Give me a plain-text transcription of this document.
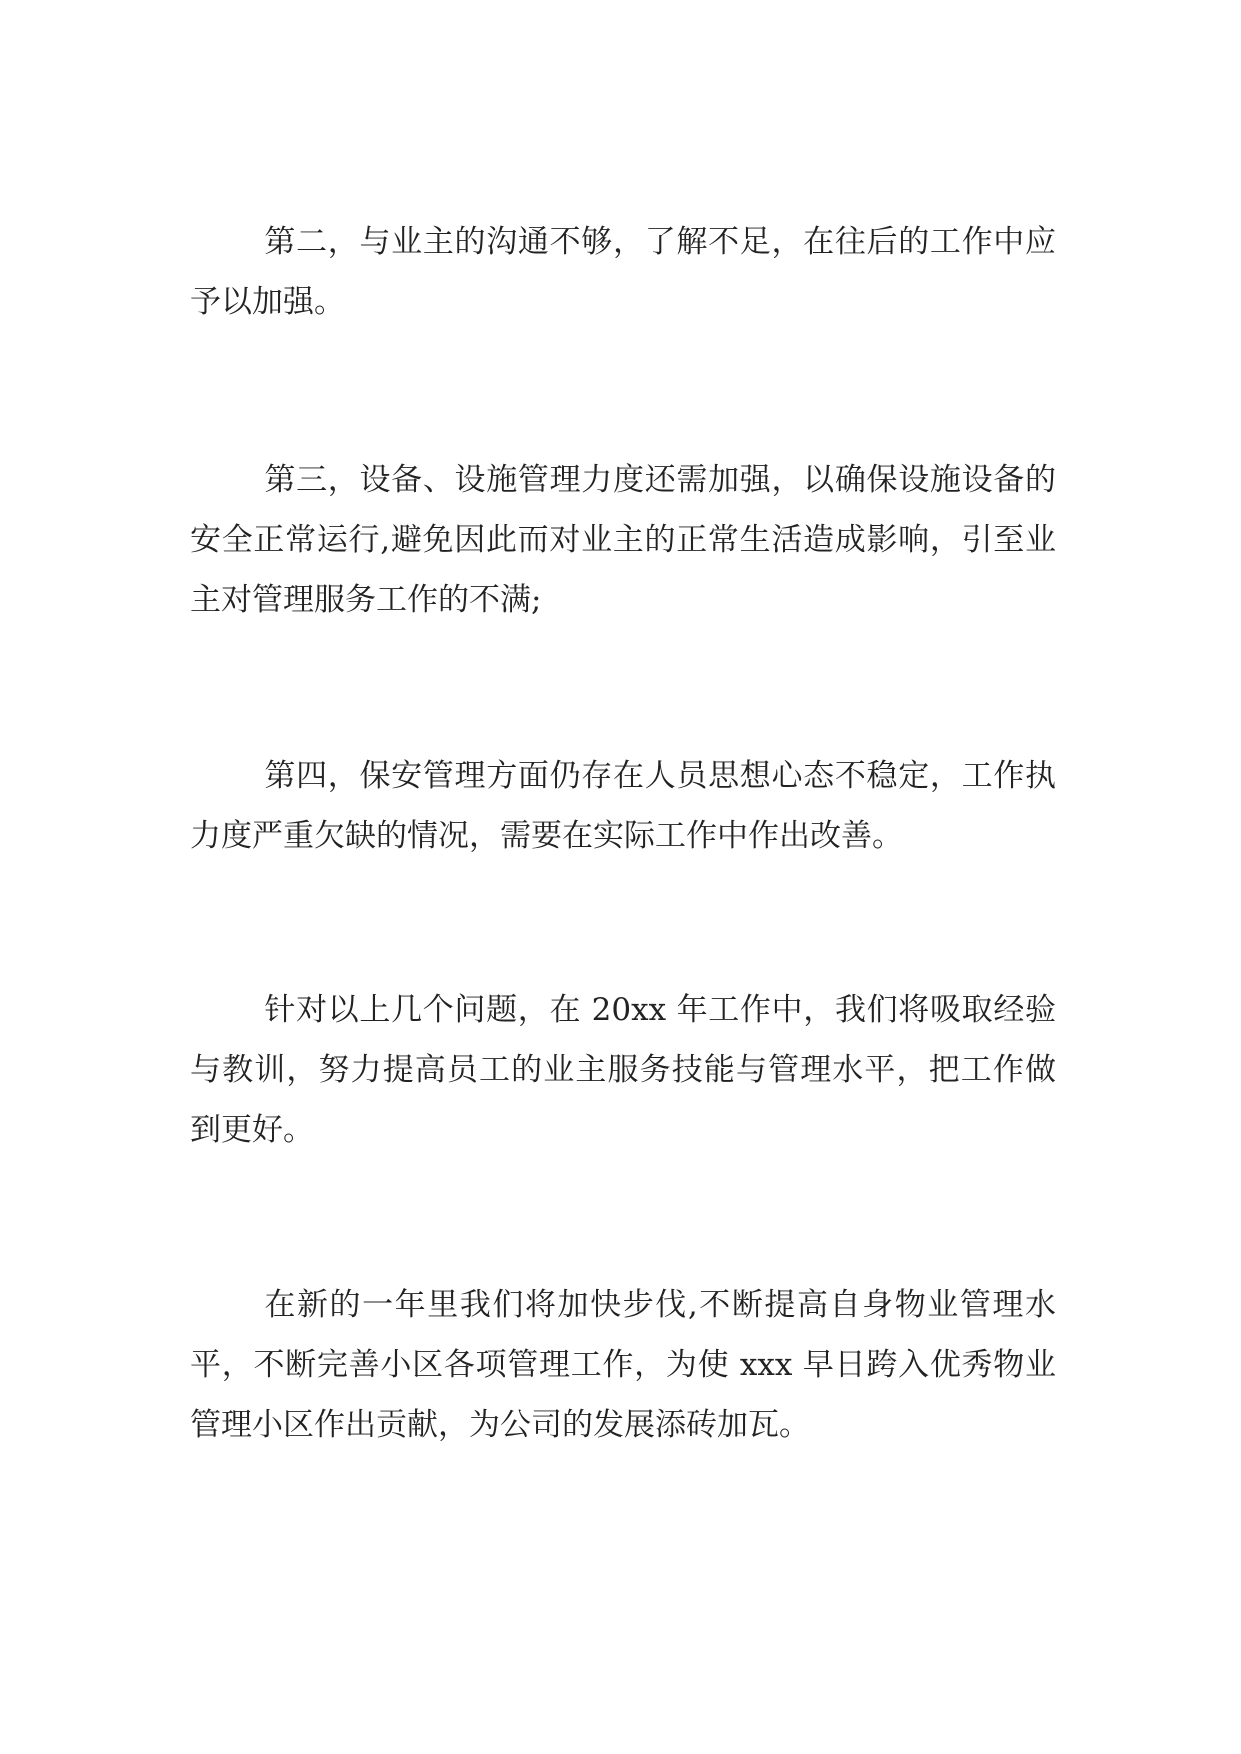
第二，与业主的沟通不够，了解不足，在往后的工作中应予以加强。

第三，设备、设施管理力度还需加强，以确保设施设备的安全正常运行,避免因此而对业主的正常生活造成影响，引至业主对管理服务工作的不满;

第四，保安管理方面仍存在人员思想心态不稳定，工作执力度严重欠缺的情况，需要在实际工作中作出改善。

针对以上几个问题，在 20xx 年工作中，我们将吸取经验与教训，努力提高员工的业主服务技能与管理水平，把工作做到更好。

在新的一年里我们将加快步伐,不断提高自身物业管理水平，不断完善小区各项管理工作，为使 xxx 早日跨入优秀物业管理小区作出贡献，为公司的发展添砖加瓦。
